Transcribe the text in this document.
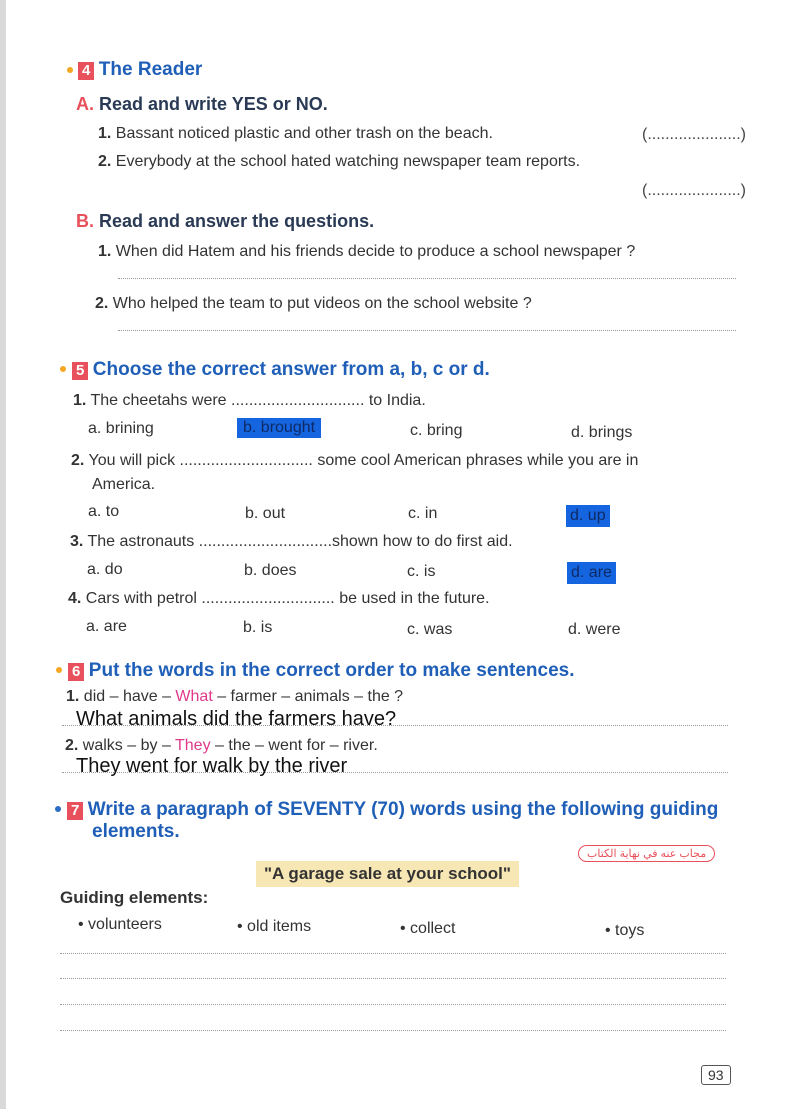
4 The Reader
A. Read and write YES or NO.
1. Bassant noticed plastic and other trash on the beach.	(.....................)
2. Everybody at the school hated watching newspaper team reports.
(.....................)
B. Read and answer the questions.
1. When did Hatem and his friends decide to produce a school newspaper ?
2. Who helped the team to put videos on the school website ?
5 Choose the correct answer from a, b, c or d.
1. The cheetahs were .............................. to India.
a. brining	b. brought	c. bring	d. brings
2. You will pick .............................. some cool American phrases while you are in
America.
a. to	b. out	c. in	d. up
3. The astronauts ..............................shown how to do first aid.
a. do	b. does	c. is	d. are
4. Cars with petrol .............................. be used in the future.
a. are	b. is	c. was	d. were
6 Put the words in the correct order to make sentences.
1. did – have – What – farmer – animals – the ?
What animals did the farmers have?
2. walks – by – They – the – went for – river.
They went for walk by the river
7 Write a paragraph of SEVENTY (70) words using the following guiding
elements.
مجاب عنه في نهاية الكتاب
"A garage sale at your school"
Guiding elements:
• volunteers	• old items	• collect	• toys
93
